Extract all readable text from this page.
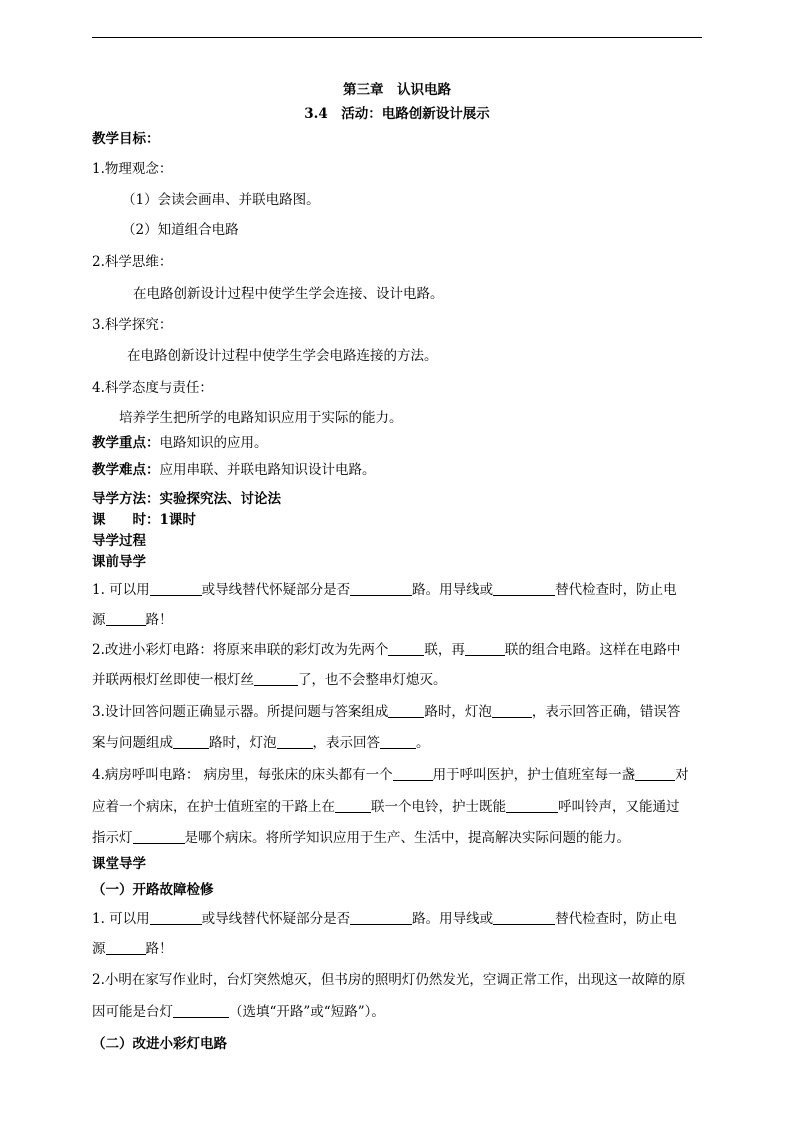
第三章　认识电路
3.4　活动：电路创新设计展示
教学目标：
1.物理观念：
（1）会读会画串、并联电路图。
（2）知道组合电路
2.科学思维：
在电路创新设计过程中使学生学会连接、设计电路。
3.科学探究：
在电路创新设计过程中使学生学会电路连接的方法。
4.科学态度与责任：
培养学生把所学的电路知识应用于实际的能力。
教学重点：电路知识的应用。
教学难点：应用串联、并联电路知识设计电路。
导学方法：实验探究法、讨论法
课　　时：1课时
导学过程
课前导学
1. 可以用	或导线替代怀疑部分是否	路。用导线或	替代检查时，防止电
源	路！
2.改进小彩灯电路：将原来串联的彩灯改为先两个	联，再	联的组合电路。这样在电路中
并联两根灯丝即使一根灯丝	了，也不会整串灯熄灭。
3.设计回答问题正确显示器。所提问题与答案组成	路时，灯泡	，表示回答正确，错误答
案与问题组成	路时，灯泡	，表示回答	。
4.病房呼叫电路： 病房里，每张床的床头都有一个	用于呼叫医护，护士值班室每一盏	对
应着一个病床，在护士值班室的干路上在	联一个电铃，护士既能	呼叫铃声，又能通过
指示灯	是哪个病床。将所学知识应用于生产、生活中，提高解决实际问题的能力。
课堂导学
（一）开路故障检修
1. 可以用	或导线替代怀疑部分是否	路。用导线或	替代检查时，防止电
源	路！
2.小明在家写作业时，台灯突然熄灭，但书房的照明灯仍然发光，空调正常工作，出现这一故障的原
因可能是台灯	（选填“开路”或“短路”）。
（二）改进小彩灯电路
